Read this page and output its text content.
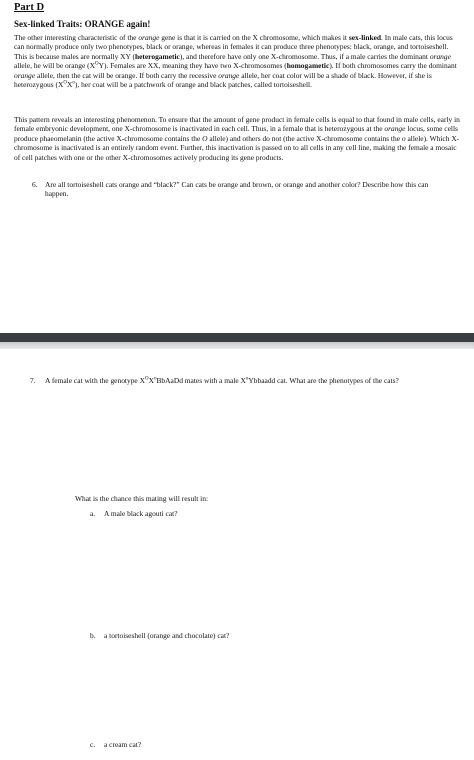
Part D
Sex-linked Traits: ORANGE again!

The other interesting characteristic of the orange gene is that it is carried on the X chromosome, which makes it sex-linked. In male cats, this locus can normally produce only two phenotypes, black or orange, whereas in females it can produce three phenotypes: black, orange, and tortoiseshell. This is because males are normally XY (heterogametic), and therefore have only one X-chromosome. Thus, if a male carries the dominant orange allele, he will be orange $(X^OY)$. Females are XX, meaning they have two X-chromosomes (homogametic). If both chromosomes carry the dominant orange allele, then the cat will be orange. If both carry the recessive orange allele, her coat color will be a shade of black. However, if she is heterozygous $(X^OX^o)$, her coat will be a patchwork of orange and black patches, called tortoiseshell.

This pattern reveals an interesting phenomenon. To ensure that the amount of gene product in female cells is equal to that found in male cells, early in female embryonic development, one X-chromosome is inactivated in each cell. Thus, in a female that is heterozygous at the orange locus, some cells produce phaeomelanin (the active X-chromosome contains the O allele) and others do not (the active X-chromosome contains the o allele). Which X-chromosome is inactivated is an entirely random event. Further, this inactivation is passed on to all cells in any cell line, making the female a mosaic of cell patches with one or the other X-chromosomes actively producing its gene products.

6. Are all tortoiseshell cats orange and “black?” Can cats be orange and brown, or orange and another color? Describe how this can happen.
7. A female cat with the genotype $X^OX^oBbAaDd$ mates with a male $X^oYbbaadd$ cat. What are the phenotypes of the cats?
What is the chance this mating will result in:
a. A male black agouti cat?
b. a tortoiseshell (orange and chocolate) cat?
c. a cream cat?
